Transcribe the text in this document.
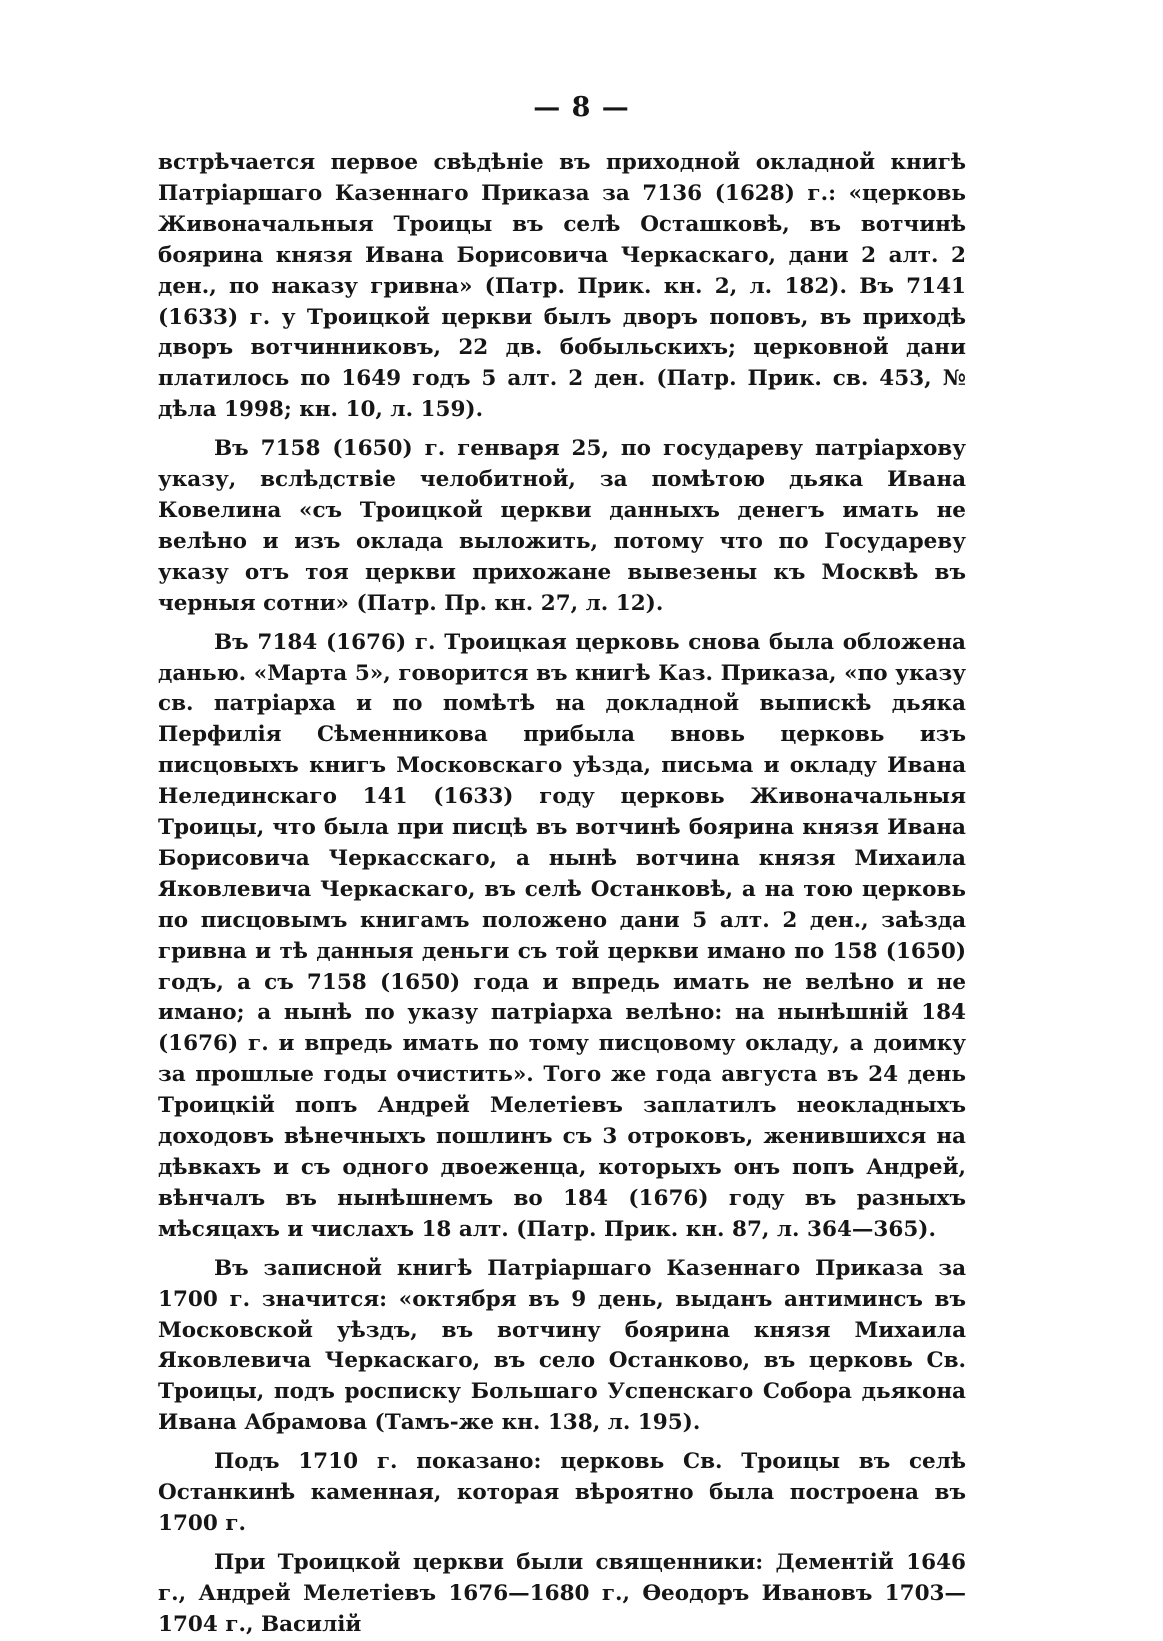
— 8 —

встрѣчается первое свѣдѣніе въ приходной окладной книгѣ Патріаршаго Казеннаго Приказа за 7136 (1628) г.: «церковь Живоначальныя Троицы въ селѣ Осташковѣ, въ вотчинѣ боярина князя Ивана Борисовича Черкаскаго, дани 2 алт. 2 ден., по наказу гривна» (Патр. Прик. кн. 2, л. 182). Въ 7141 (1633) г. у Троицкой церкви былъ дворъ поповъ, въ приходѣ дворъ вотчинниковъ, 22 дв. бобыльскихъ; церковной дани платилось по 1649 годъ 5 алт. 2 ден. (Патр. Прик. св. 453, № дѣла 1998; кн. 10, л. 159).

Въ 7158 (1650) г. генваря 25, по государеву патріархову указу, вслѣдствіе челобитной, за помѣтою дьяка Ивана Ковелина «съ Троицкой церкви данныхъ денегъ имать не велѣно и изъ оклада выложить, потому что по Государеву указу отъ тоя церкви прихожане вывезены къ Москвѣ въ черныя сотни» (Патр. Пр. кн. 27, л. 12).

Въ 7184 (1676) г. Троицкая церковь снова была обложена данью. «Марта 5», говорится въ книгѣ Каз. Приказа, «по указу св. патріарха и по помѣтѣ на докладной выпискѣ дьяка Перфилія Сѣменникова прибыла вновь церковь изъ писцовыхъ книгъ Московскаго уѣзда, письма и окладу Ивана Нелединскаго 141 (1633) году церковь Живоначальныя Троицы, что была при писцѣ въ вотчинѣ боярина князя Ивана Борисовича Черкасскаго, а нынѣ вотчина князя Михаила Яковлевича Черкаскаго, въ селѣ Останковѣ, а на тою церковь по писцовымъ книгамъ положено дани 5 алт. 2 ден., заѣзда гривна и тѣ данныя деньги съ той церкви имано по 158 (1650) годъ, а съ 7158 (1650) года и впредь имать не велѣно и не имано; а нынѣ по указу патріарха велѣно: на нынѣшній 184 (1676) г. и впредь имать по тому писцовому окладу, а доимку за прошлые годы очистить». Того же года августа въ 24 день Троицкій попъ Андрей Мелетіевъ заплатилъ неокладныхъ доходовъ вѣнечныхъ пошлинъ съ 3 отроковъ, женившихся на дѣвкахъ и съ одного двоеженца, которыхъ онъ попъ Андрей, вѣнчалъ въ нынѣшнемъ во 184 (1676) году въ разныхъ мѣсяцахъ и числахъ 18 алт. (Патр. Прик. кн. 87, л. 364—365).

Въ записной книгѣ Патріаршаго Казеннаго Приказа за 1700 г. значится: «октября въ 9 день, выданъ антиминсъ въ Московской уѣздъ, въ вотчину боярина князя Михаила Яковлевича Черкаскаго, въ село Останково, въ церковь Св. Троицы, подъ росписку Большаго Успенскаго Собора дьякона Ивана Абрамова (Тамъ-же кн. 138, л. 195).

Подъ 1710 г. показано: церковь Св. Троицы въ селѣ Останкинѣ каменная, которая вѣроятно была построена въ 1700 г.

При Троицкой церкви были священники: Дементій 1646 г., Андрей Мелетіевъ 1676—1680 г., Ѳеодоръ Ивановъ 1703—1704 г., Василій
